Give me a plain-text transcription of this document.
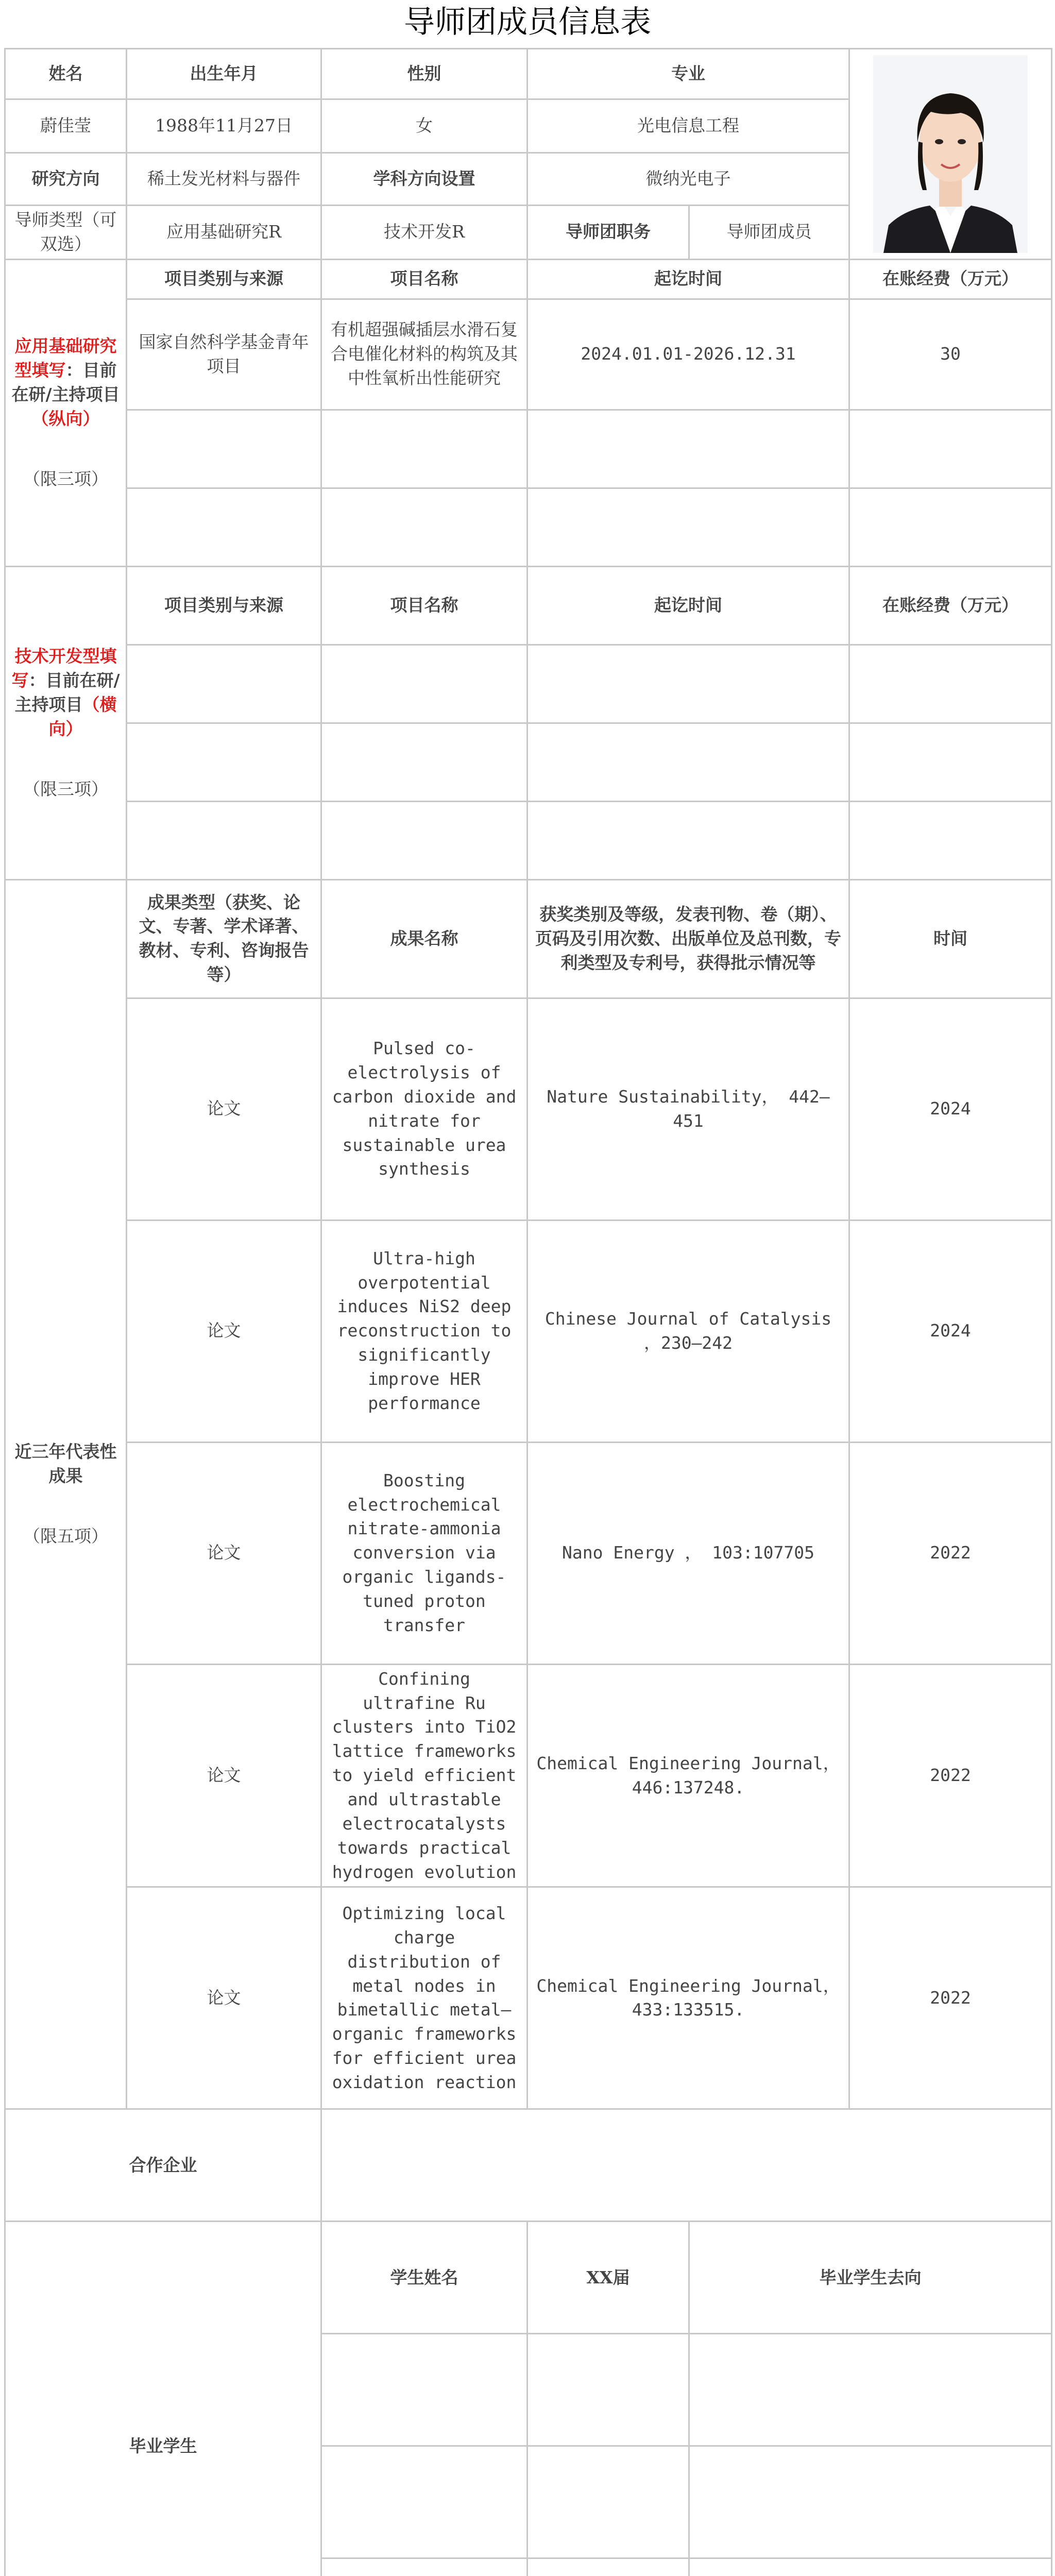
导师团成员信息表
姓名	出生年月	性别	专业	

蔚佳莹	1988年11月27日	女	光电信息工程		
研究方向	稀土发光材料与器件	学科方向设置	微纳光电子		
导师类型（可双选）	应用基础研究R	技术开发R	导师团职务	导师团成员	
应用基础研究型填写：目前在研/主持项目（纵向）
（限三项）	项目类别与来源	项目名称	起讫时间		在账经费（万元）
	国家自然科学基金青年项目	有机超强碱插层水滑石复合电催化材料的构筑及其中性氧析出性能研究	2024.01.01-2026.12.31		30

技术开发型填写：目前在研/主持项目（横向）
（限三项）	项目类别与来源	项目名称	起讫时间		在账经费（万元）

近三年代表性成果
（限五项）	成果类型（获奖、论文、专著、学术译著、教材、专利、咨询报告等）	成果名称	获奖类别及等级，发表刊物、卷（期）、页码及引用次数、出版单位及总刊数，专利类型及专利号，获得批示情况等		时间
	论文	Pulsed co-electrolysis of carbon dioxide and nitrate for sustainable urea synthesis	Nature Sustainability， 442–451		2024
	论文	Ultra-high overpotential induces NiS2 deep reconstruction to significantly improve HER performance	Chinese Journal of Catalysis ，230–242		2024
	论文	Boosting electrochemical nitrate-ammonia conversion via organic ligands-tuned proton transfer	Nano Energy ， 103:107705		2022
	论文	Confining ultrafine Ru clusters into TiO2 lattice frameworks to yield efficient and ultrastable electrocatalysts towards practical hydrogen evolution	Chemical Engineering Journal，446:137248.		2022
	论文	Optimizing local charge distribution of metal nodes in bimetallic metal–organic frameworks for efficient urea oxidation reaction	Chemical Engineering Journal，433:133515.		2022
合作企业					
毕业学生		学生姓名	XX届	毕业学生去向	
